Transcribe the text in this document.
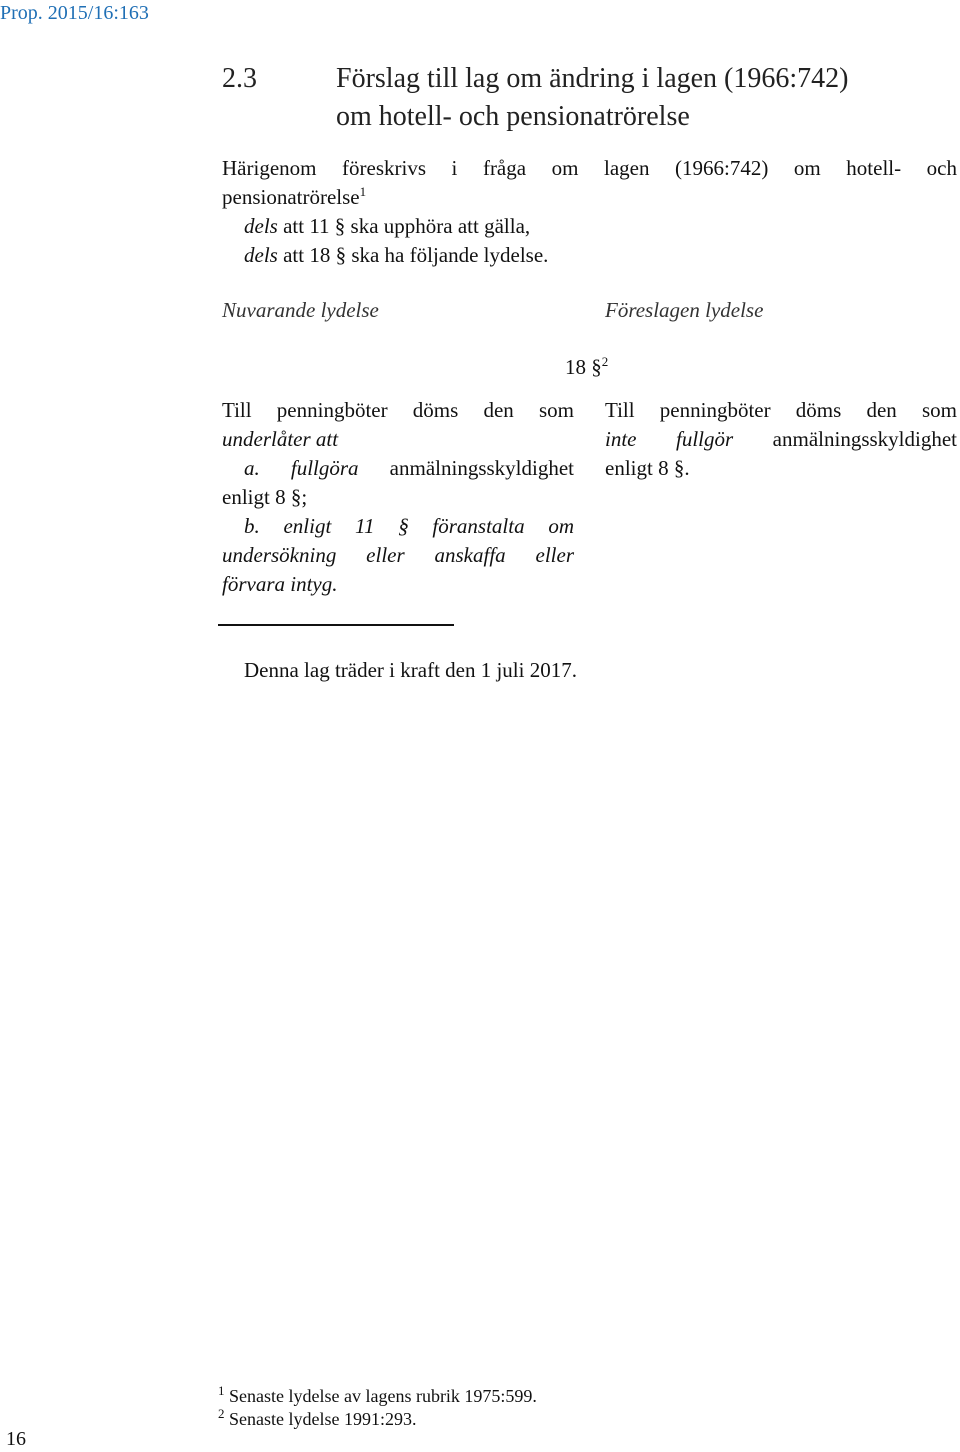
Prop. 2015/16:163
2.3	Förslag till lag om ändring i lagen (1966:742)
om hotell- och pensionatrörelse
Härigenom föreskrivs i fråga om lagen (1966:742) om hotell- och
pensionatrörelse$^1$
dels att 11 § ska upphöra att gälla,
dels att 18 § ska ha följande lydelse.
Nuvarande lydelse	Föreslagen lydelse
18 §$^2$
Till penningböter döms den som
underlåter att
a. fullgöra anmälningsskyldighet
enligt 8 §;
b. enligt 11 § föranstalta om
undersökning eller anskaffa eller
förvara intyg.
Till penningböter döms den som
inte fullgör anmälningsskyldighet
enligt 8 §.
Denna lag träder i kraft den 1 juli 2017.
$^1$ Senaste lydelse av lagens rubrik 1975:599.
$^2$ Senaste lydelse 1991:293.
16
